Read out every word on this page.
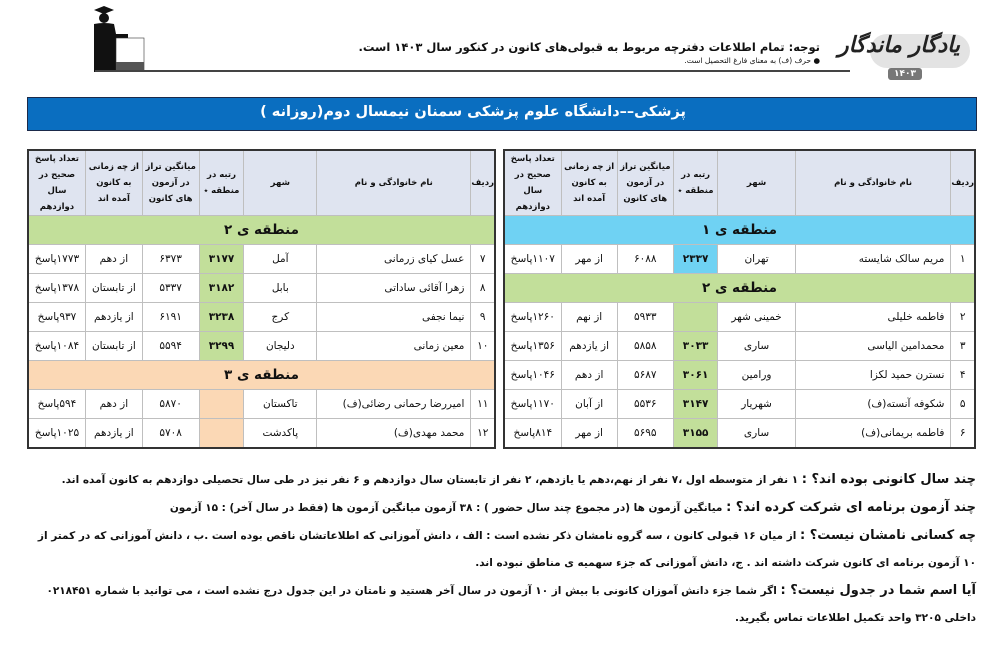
توجه: تمام اطلاعات دفترچه مربوط به قبولی‌های کانون در کنکور سال ۱۴۰۳ است.
● حرف (ف) به معنای فارغ التحصیل است.
یادگار ماندگار
۱۴۰۳
پزشکی––دانشگاه علوم پزشکی سمنان نیمسال دوم(روزانه )
ردیف	نام خانوادگی و نام	شهر	رتبه در منطقه ٭	میانگین تراز در آزمون های کانون	از چه زمانی به کانون آمده اند	تعداد پاسخ صحیح در سال دوازدهم
منطقه ی ۱						
۱	مریم سالک شایسته	تهران	۲۳۳۷	۶۰۸۸	از مهر	۱۱۰۷پاسخ
منطقه ی ۲						
۲	فاطمه خلیلی	خمینی شهر		۵۹۳۳	از نهم	۱۲۶۰پاسخ
۳	محمدامین الیاسی	ساری	۳۰۳۳	۵۸۵۸	از یازدهم	۱۳۵۶پاسخ
۴	نسترن حمید لکزا	ورامین	۳۰۶۱	۵۶۸۷	از دهم	۱۰۴۶پاسخ
۵	شکوفه آنسته(ف)	شهریار	۳۱۴۷	۵۵۳۶	از آبان	۱۱۷۰پاسخ
۶	فاطمه بریمانی(ف)	ساری	۳۱۵۵	۵۶۹۵	از مهر	۸۱۴پاسخ
ردیف	نام خانوادگی و نام	شهر	رتبه در منطقه ٭	میانگین تراز در آزمون های کانون	از چه زمانی به کانون آمده اند	تعداد پاسخ صحیح در سال دوازدهم
منطقه ی ۲						
۷	عسل کیای زرمانی	آمل	۳۱۷۷	۶۳۷۳	از دهم	۱۷۷۳پاسخ
۸	زهرا آقائی ساداتی	بابل	۳۱۸۲	۵۳۳۷	از تابستان	۱۳۷۸پاسخ
۹	نیما نجفی	کرج	۳۲۳۸	۶۱۹۱	از یازدهم	۹۳۷پاسخ
۱۰	معین زمانی	دلیجان	۳۲۹۹	۵۵۹۴	از تابستان	۱۰۸۴پاسخ
منطقه ی ۳						
۱۱	امیررضا رحمانی رضائی(ف)	تاکستان		۵۸۷۰	از دهم	۵۹۴پاسخ
۱۲	محمد مهدی(ف)	پاکدشت		۵۷۰۸	از یازدهم	۱۰۲۵پاسخ

چند سال کانونی بوده اند؟ : ۱ نفر از متوسطه اول ،۷ نفر از نهم،دهم یا یازدهم، ۲ نفر از تابستان سال دوازدهم و ۶ نفر نیز در طی سال تحصیلی دوازدهم به کانون آمده اند.

چند آزمون برنامه ای شرکت کرده اند؟ : میانگین آزمون ها (در مجموع چند سال حضور ) : ۳۸ آزمون میانگین آزمون ها (فقط در سال آخر) : ۱۵ آزمون

چه کسانی نامشان نیست؟ : از میان ۱۶ قبولی کانون ، سه گروه نامشان ذکر نشده است : الف ، دانش آموزانی که اطلاعاتشان ناقص بوده است .ب ، دانش آموزانی که در کمتر از ۱۰ آزمون برنامه ای کانون شرکت داشته اند . ج، دانش آموزانی که جزء سهمیه ی مناطق نبوده اند.

آیا اسم شما در جدول نیست؟ : اگر شما جزء دانش آموزان کانونی با بیش از ۱۰ آزمون در سال آخر هستید و نامتان در این جدول درج نشده است ، می توانید با شماره ۰۲۱۸۴۵۱ داخلی ۳۲۰۵ واحد تکمیل اطلاعات تماس بگیرید.
